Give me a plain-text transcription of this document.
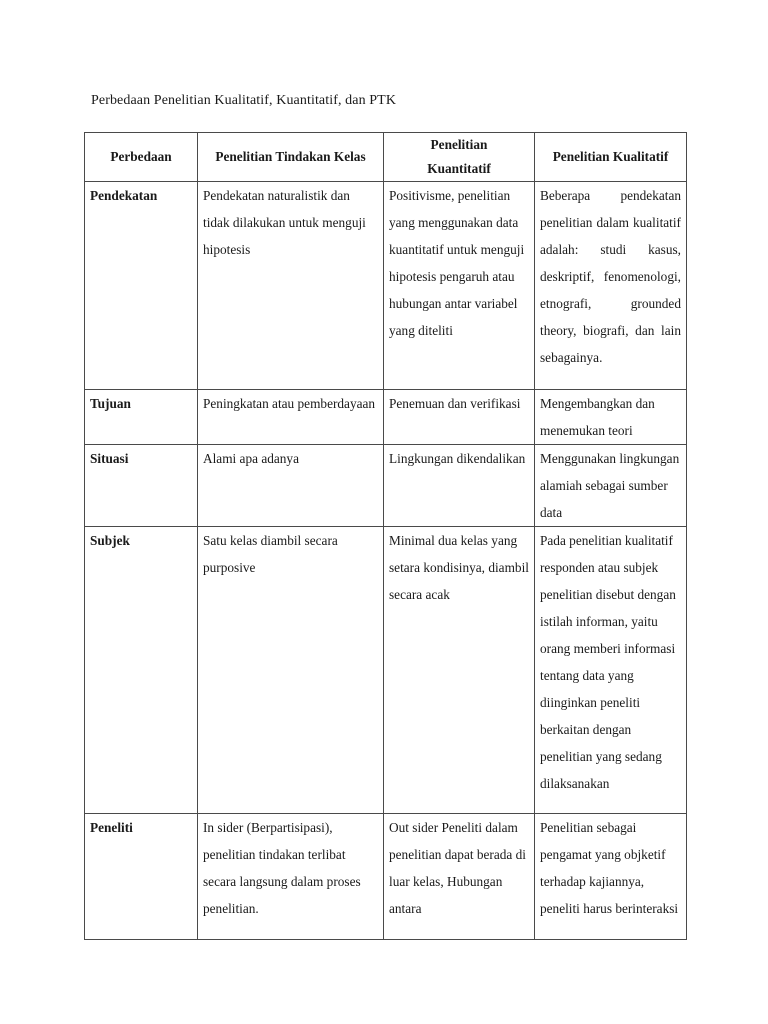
Perbedaan Penelitian Kualitatif, Kuantitatif, dan PTK
Perbedaan	Penelitian Tindakan Kelas	Penelitian Kuantitatif	Penelitian Kualitatif
Pendekatan	Pendekatan naturalistik dan tidak dilakukan untuk menguji hipotesis	Positivisme, penelitian yang menggunakan data kuantitatif untuk menguji hipotesis pengaruh atau hubungan antar variabel yang diteliti	Beberapa pendekatan penelitian dalam kualitatif adalah: studi kasus, deskriptif, fenomenologi, etnografi, grounded theory, biografi, dan lain sebagainya.
Tujuan	Peningkatan atau pemberdayaan	Penemuan dan verifikasi	Mengembangkan dan menemukan teori
Situasi	Alami apa adanya	Lingkungan dikendalikan	Menggunakan lingkungan alamiah sebagai sumber data
Subjek	Satu kelas diambil secara purposive	Minimal dua kelas yang setara kondisinya, diambil secara acak	Pada penelitian kualitatif responden atau subjek penelitian disebut dengan istilah informan, yaitu orang memberi informasi tentang data yang diinginkan peneliti berkaitan dengan penelitian yang sedang dilaksanakan
Peneliti	In sider (Berpartisipasi), penelitian tindakan terlibat secara langsung dalam proses penelitian.	Out sider Peneliti dalam penelitian dapat berada di luar kelas, Hubungan antara	Penelitian sebagai pengamat yang objketif terhadap kajiannya, peneliti harus berinteraksi
